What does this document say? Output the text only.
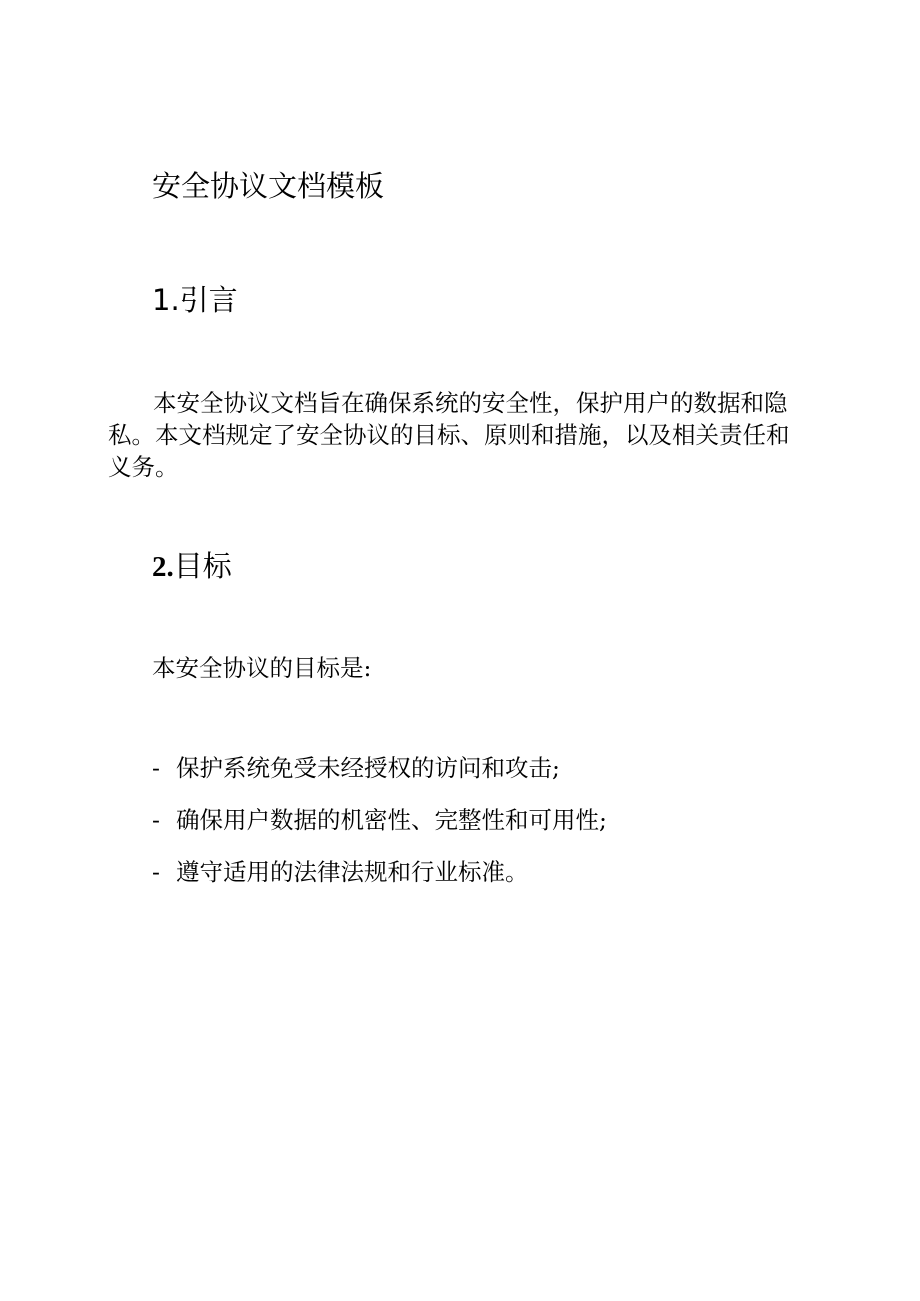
安全协议文档模板
1.引言
本安全协议文档旨在确保系统的安全性，保护用户的数据和隐私。本文档规定了安全协议的目标、原则和措施，以及相关责任和义务。
2.目标
本安全协议的目标是:
- 保护系统免受未经授权的访问和攻击;
- 确保用户数据的机密性、完整性和可用性;
- 遵守适用的法律法规和行业标准。
